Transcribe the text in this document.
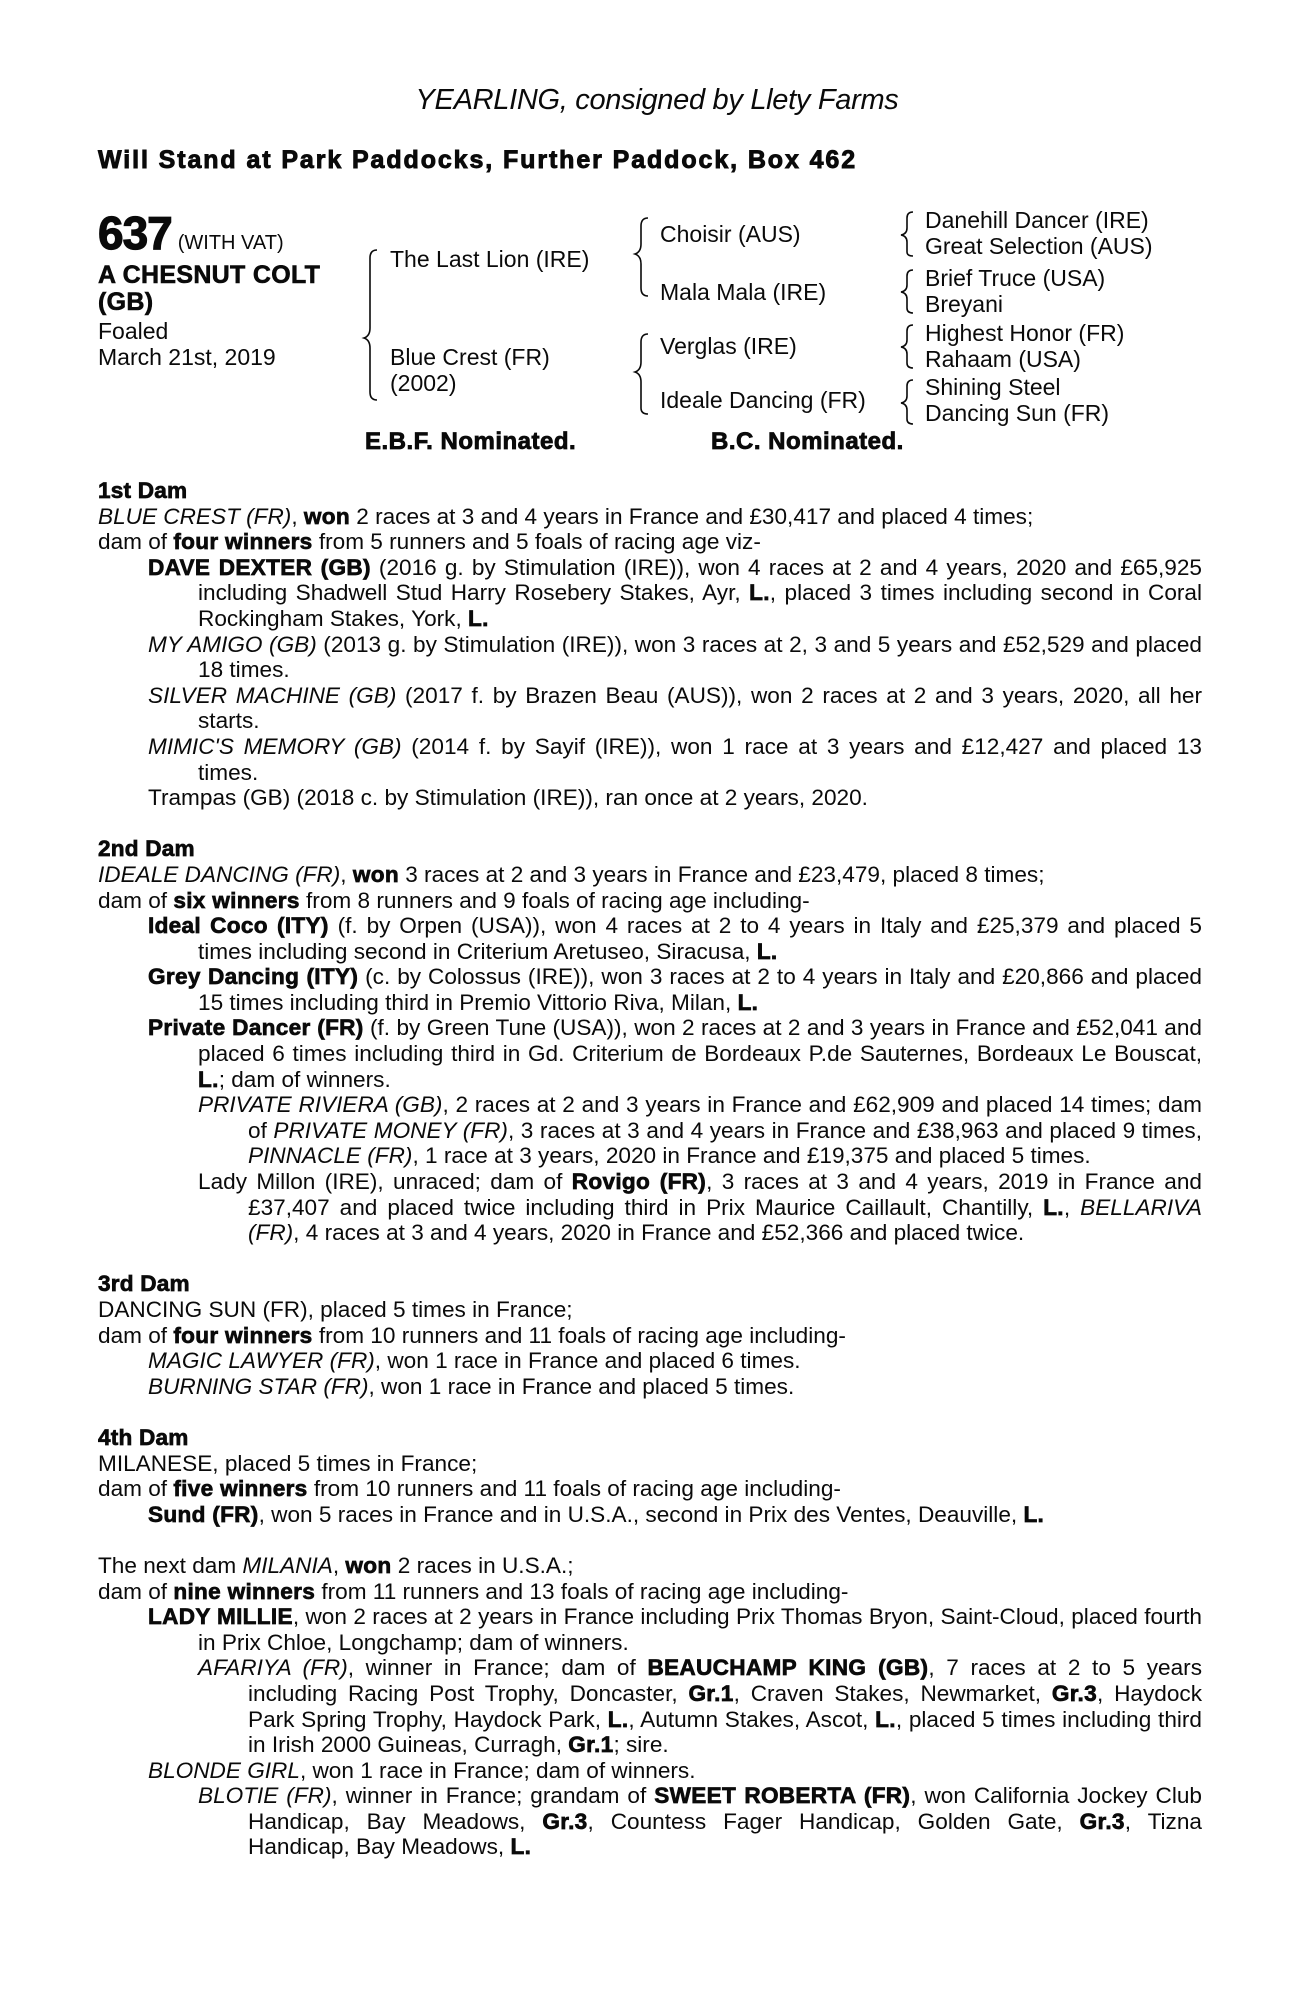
YEARLING, consigned by Llety Farms
Will Stand at Park Paddocks, Further Paddock, Box 462
637 (WITH VAT)
A CHESNUT COLT
(GB)
Foaled
March 21st, 2019
The Last Lion (IRE)
Blue Crest (FR)
(2002)
Choisir (AUS)
Mala Mala (IRE)
Verglas (IRE)
Ideale Dancing (FR)
Danehill Dancer (IRE)
Great Selection (AUS)
Brief Truce (USA)
Breyani
Highest Honor (FR)
Rahaam (USA)
Shining Steel
Dancing Sun (FR)
E.B.F. Nominated.	B.C. Nominated.
1st Dam
BLUE CREST (FR), won 2 races at 3 and 4 years in France and £30,417 and placed 4 times;
dam of four winners from 5 runners and 5 foals of racing age viz-
DAVE DEXTER (GB) (2016 g. by Stimulation (IRE)), won 4 races at 2 and 4 years, 2020 and £65,925 including Shadwell Stud Harry Rosebery Stakes, Ayr, L., placed 3 times including second in Coral Rockingham Stakes, York, L.
MY AMIGO (GB) (2013 g. by Stimulation (IRE)), won 3 races at 2, 3 and 5 years and £52,529 and placed 18 times.
SILVER MACHINE (GB) (2017 f. by Brazen Beau (AUS)), won 2 races at 2 and 3 years, 2020, all her starts.
MIMIC'S MEMORY (GB) (2014 f. by Sayif (IRE)), won 1 race at 3 years and £12,427 and placed 13 times.
Trampas (GB) (2018 c. by Stimulation (IRE)), ran once at 2 years, 2020.
2nd Dam
IDEALE DANCING (FR), won 3 races at 2 and 3 years in France and £23,479, placed 8 times;
dam of six winners from 8 runners and 9 foals of racing age including-
Ideal Coco (ITY) (f. by Orpen (USA)), won 4 races at 2 to 4 years in Italy and £25,379 and placed 5 times including second in Criterium Aretuseo, Siracusa, L.
Grey Dancing (ITY) (c. by Colossus (IRE)), won 3 races at 2 to 4 years in Italy and £20,866 and placed 15 times including third in Premio Vittorio Riva, Milan, L.
Private Dancer (FR) (f. by Green Tune (USA)), won 2 races at 2 and 3 years in France and £52,041 and placed 6 times including third in Gd. Criterium de Bordeaux P.de Sauternes, Bordeaux Le Bouscat, L.; dam of winners.
PRIVATE RIVIERA (GB), 2 races at 2 and 3 years in France and £62,909 and placed 14 times; dam of PRIVATE MONEY (FR), 3 races at 3 and 4 years in France and £38,963 and placed 9 times, PINNACLE (FR), 1 race at 3 years, 2020 in France and £19,375 and placed 5 times.
Lady Millon (IRE), unraced; dam of Rovigo (FR), 3 races at 3 and 4 years, 2019 in France and £37,407 and placed twice including third in Prix Maurice Caillault, Chantilly, L., BELLARIVA (FR), 4 races at 3 and 4 years, 2020 in France and £52,366 and placed twice.
3rd Dam
DANCING SUN (FR), placed 5 times in France;
dam of four winners from 10 runners and 11 foals of racing age including-
MAGIC LAWYER (FR), won 1 race in France and placed 6 times.
BURNING STAR (FR), won 1 race in France and placed 5 times.
4th Dam
MILANESE, placed 5 times in France;
dam of five winners from 10 runners and 11 foals of racing age including-
Sund (FR), won 5 races in France and in U.S.A., second in Prix des Ventes, Deauville, L.
The next dam MILANIA, won 2 races in U.S.A.;
dam of nine winners from 11 runners and 13 foals of racing age including-
LADY MILLIE, won 2 races at 2 years in France including Prix Thomas Bryon, Saint-Cloud, placed fourth in Prix Chloe, Longchamp; dam of winners.
AFARIYA (FR), winner in France; dam of BEAUCHAMP KING (GB), 7 races at 2 to 5 years including Racing Post Trophy, Doncaster, Gr.1, Craven Stakes, Newmarket, Gr.3, Haydock Park Spring Trophy, Haydock Park, L., Autumn Stakes, Ascot, L., placed 5 times including third in Irish 2000 Guineas, Curragh, Gr.1; sire.
BLONDE GIRL, won 1 race in France; dam of winners.
BLOTIE (FR), winner in France; grandam of SWEET ROBERTA (FR), won California Jockey Club Handicap, Bay Meadows, Gr.3, Countess Fager Handicap, Golden Gate, Gr.3, Tizna Handicap, Bay Meadows, L.
